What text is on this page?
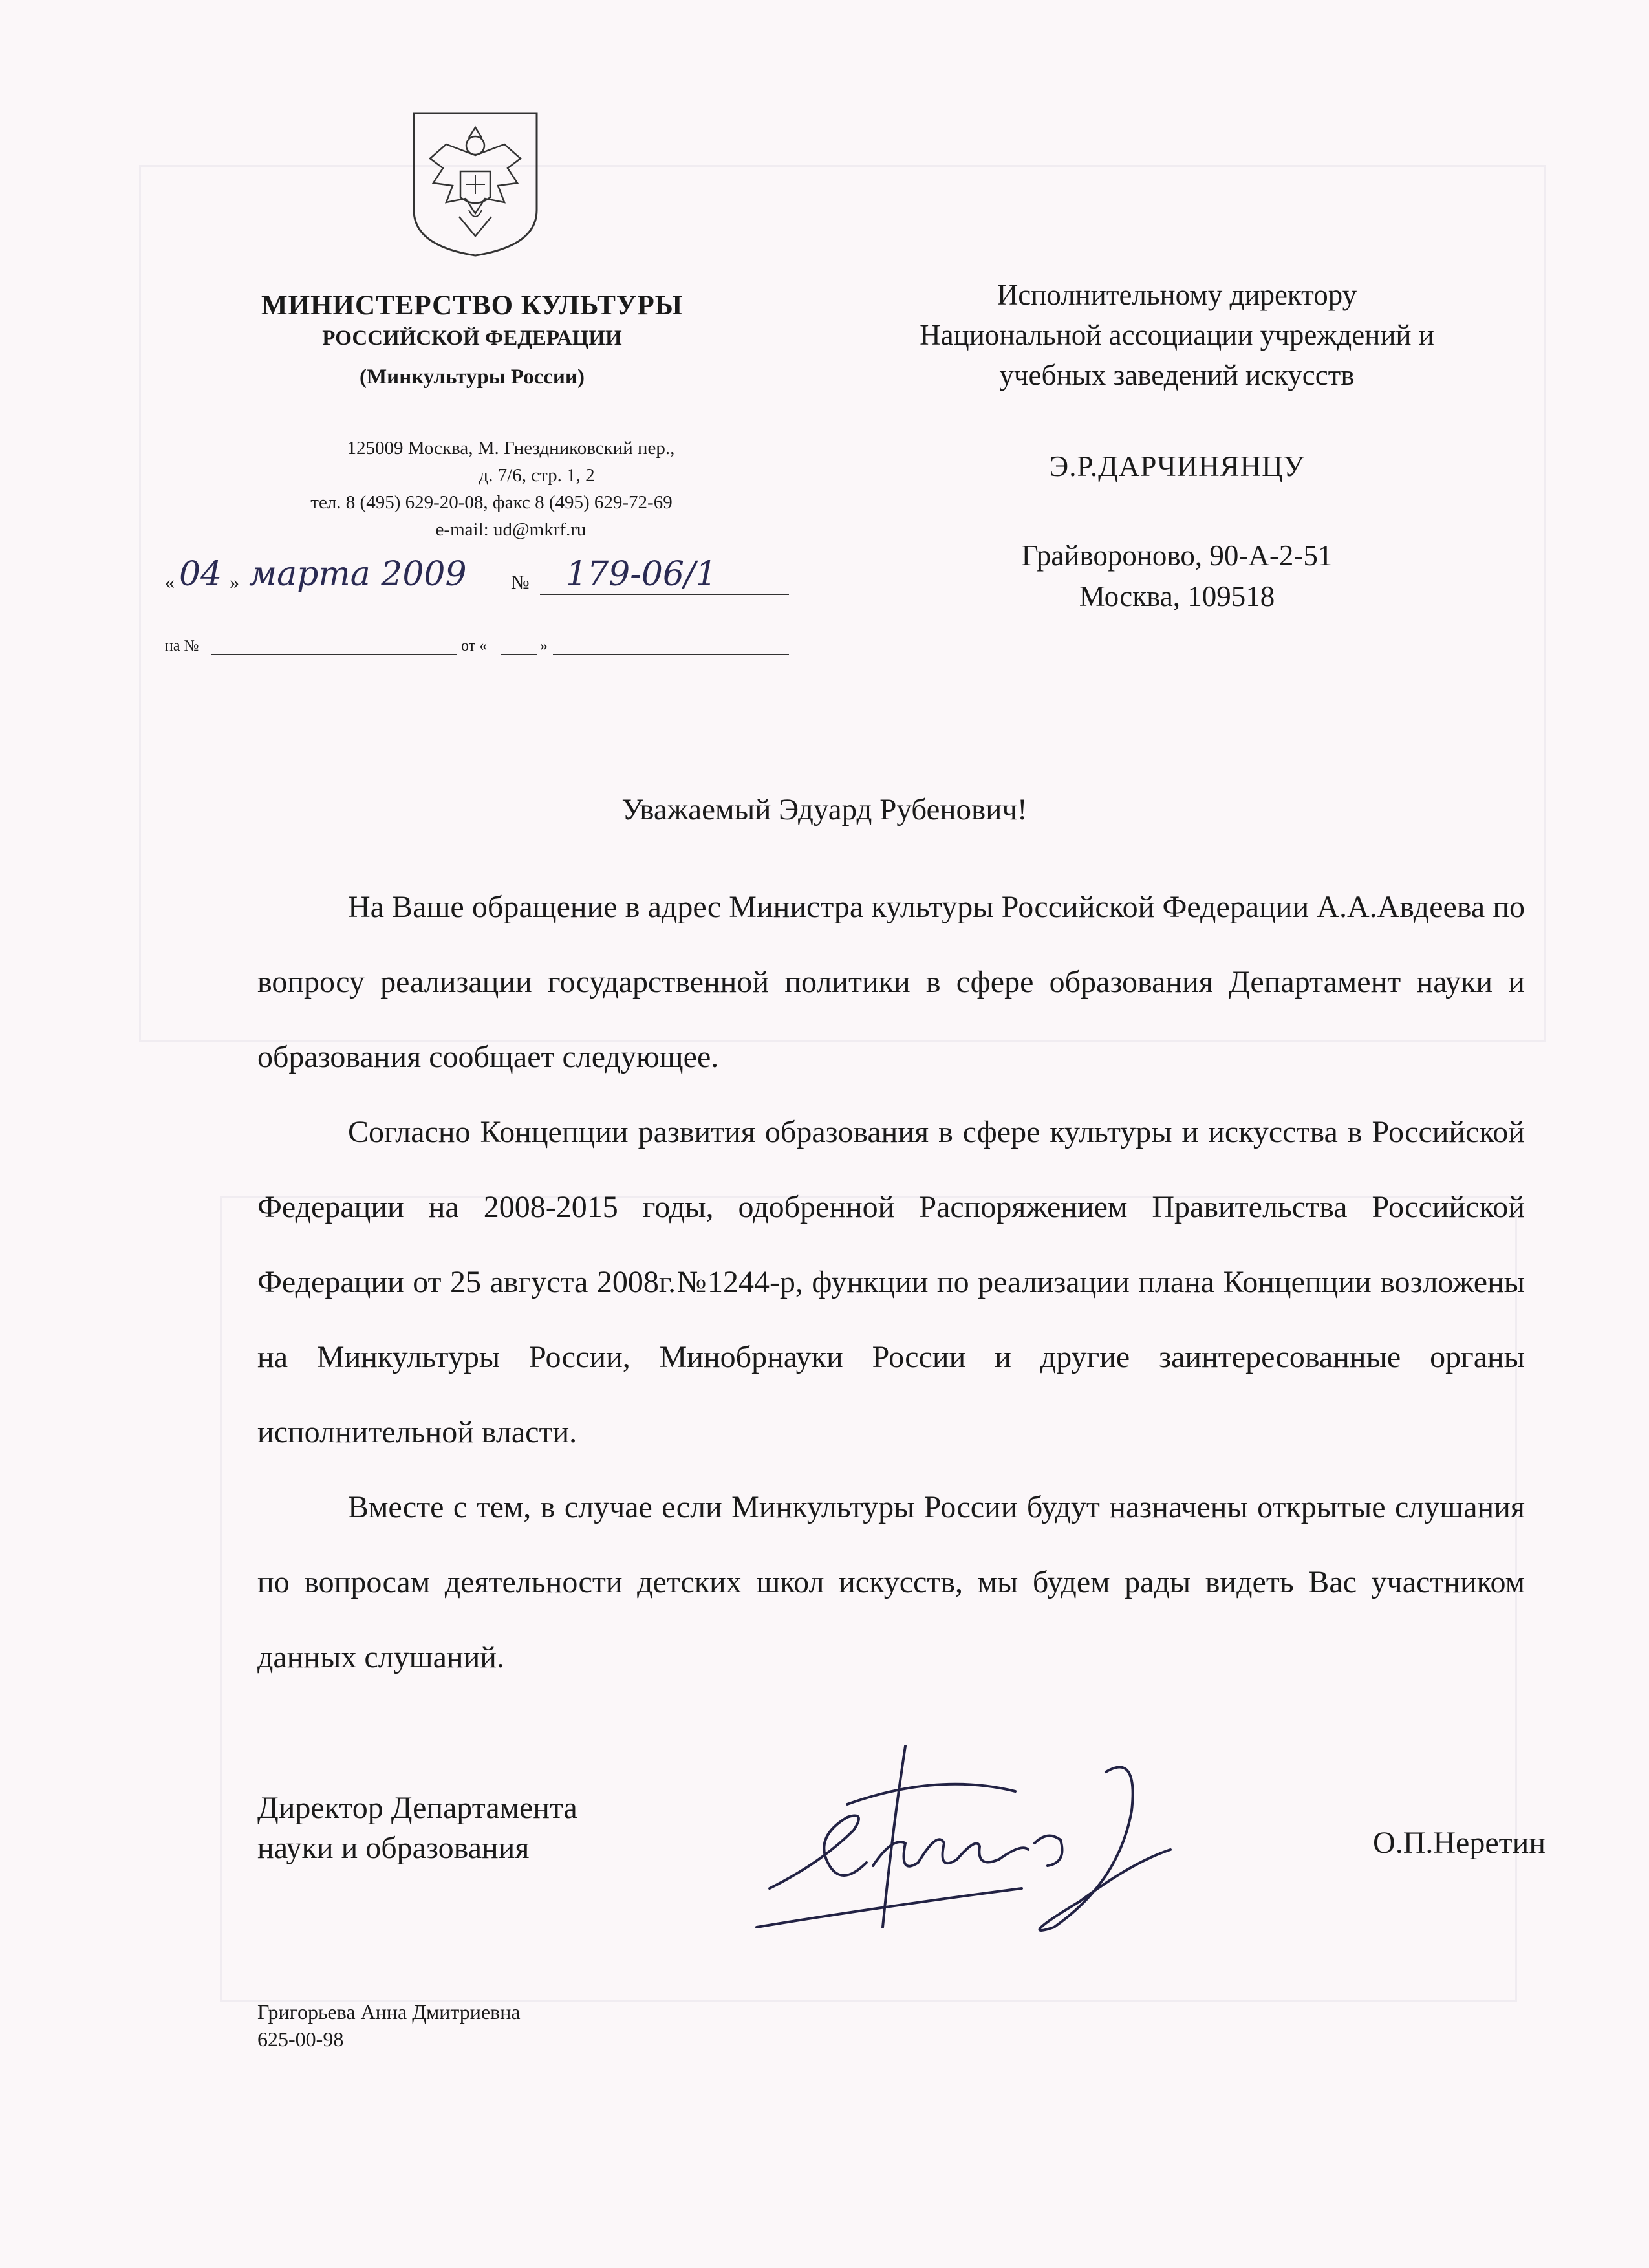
МИНИСТЕРСТВО КУЛЬТУРЫ
РОССИЙСКОЙ ФЕДЕРАЦИИ
(Минкультуры России)
125009 Москва, М. Гнездниковский пер.,
д. 7/6, стр. 1, 2
тел. 8 (495) 629-20-08, факс 8 (495) 629-72-69
e-mail: ud@mkrf.ru
« 04 » марта 2009 № 179-06/1
на №	от «	»
Исполнительному директору
Национальной ассоциации учреждений и
учебных заведений искусств
Э.Р.ДАРЧИНЯНЦУ
Грайвороново, 90-А-2-51
Москва, 109518
Уважаемый Эдуард Рубенович!

На Ваше обращение в адрес Министра культуры Российской Федерации А.А.Авдеева по вопросу реализации государственной политики в сфере образования Департамент науки и образования сообщает следующее.

Согласно Концепции развития образования в сфере культуры и искусства в Российской Федерации на 2008-2015 годы, одобренной Распоряжением Правительства Российской Федерации от 25 августа 2008г.№1244-р, функции по реализации плана Концепции возложены на Минкультуры России, Минобрнауки России и другие заинтересованные органы исполнительной власти.

Вместе с тем, в случае если Минкультуры России будут назначены открытые слушания по вопросам деятельности детских школ искусств, мы будем рады видеть Вас участником данных слушаний.

Директор Департамента
науки и образования	О.П.Неретин
Григорьева Анна Дмитриевна
625-00-98
